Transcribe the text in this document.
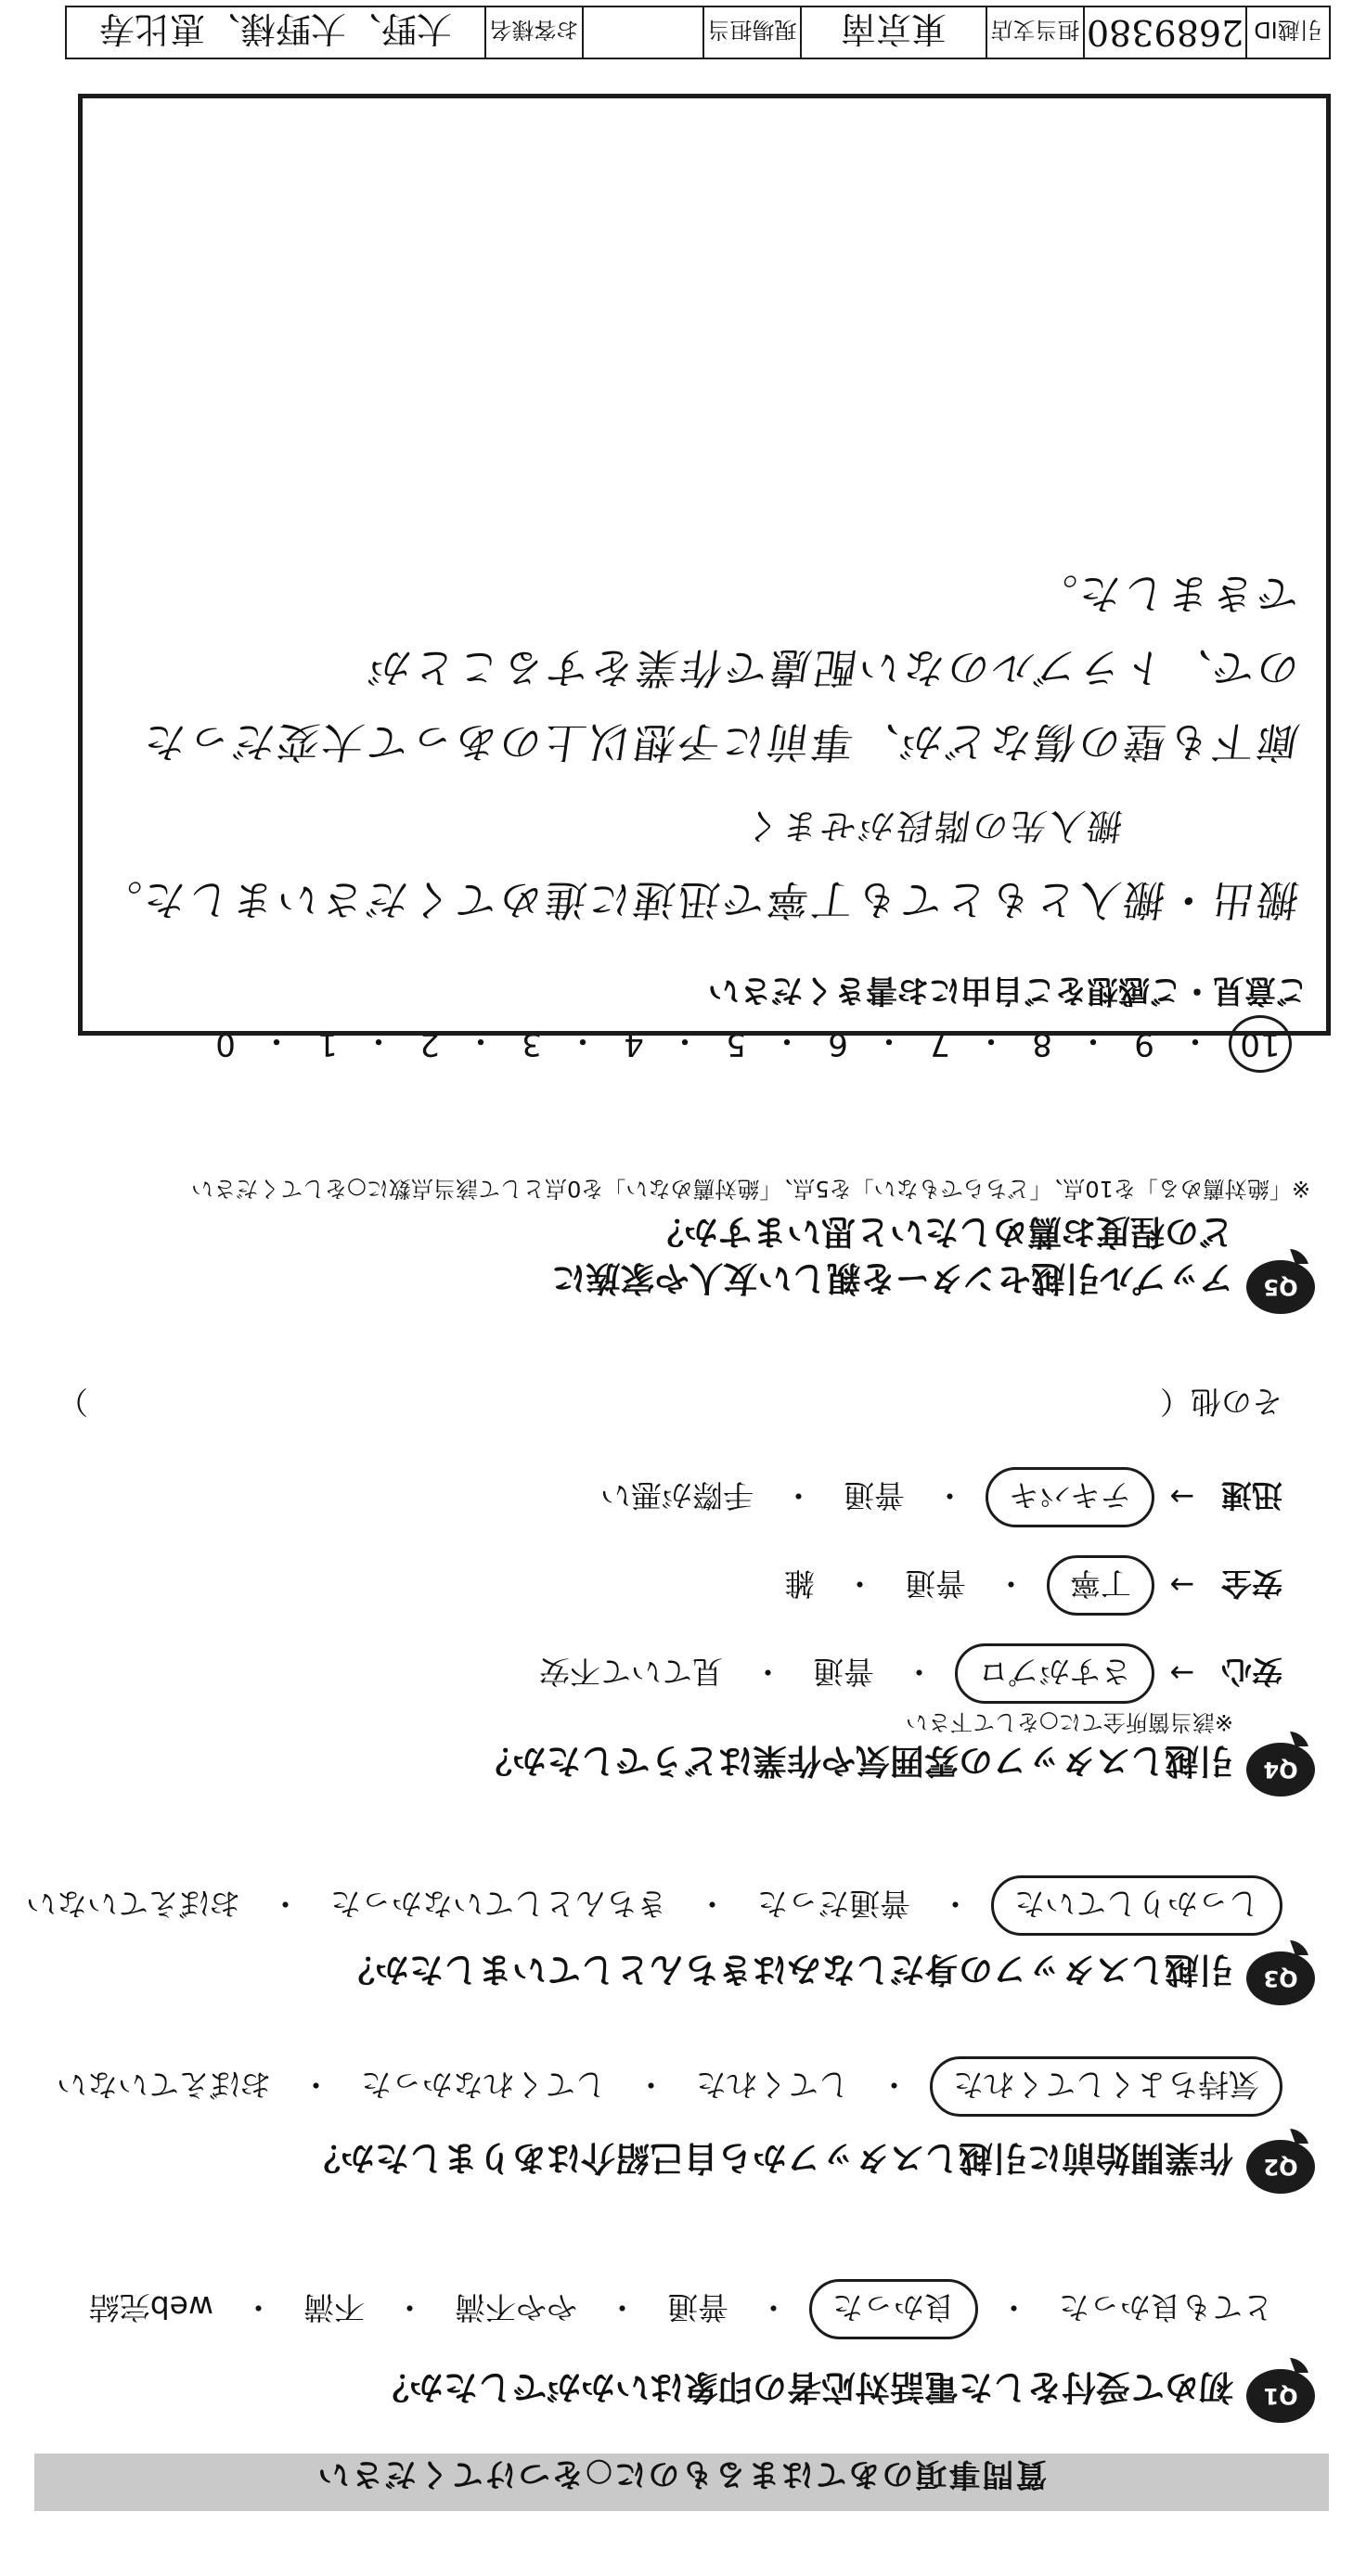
質問事項のあてはまるものに○をつけてください
Q1
初めて受付をした電話対応者の印象はいかがでしたか？
とても良かった
・
良かった
・
普通
・
やや不満
・
不満
・
web完結
Q2
作業開始前に引越しスタッフから自己紹介はありましたか？
気持ちよくしてくれた
・
してくれた
・
してくれなかった
・
おぼえていない
Q3
引越しスタッフの身だしなみはきちんとしていましたか？
しっかりしていた
・
普通だった
・
きちんとしていなかった
・
おぼえていない
Q4
引越しスタッフの雰囲気や作業はどうでしたか？
※該当箇所全てに○をして下さい
安心
→
さすがプロ
・
普通
・
見ていて不安
安全
→
丁寧
・
普通
・
雑
迅速
→
テキパキ
・
普通
・
手際が悪い
その他（
）
Q5
アップル引越センターを親しい友人や家族に
どの程度お薦めしたいと思いますか？
※「絶対薦める」を10点、「どちらでもない」を5点、「絶対薦めない」を0点として該当点数に○をしてください
10
・
9
・
8
・
7
・
6
・
5
・
4
・
3
・
2
・
1
・
0
ご意見・ご感想をご自由にお書きください
搬出・搬入ともとても丁寧で迅速に進めてくださいました。
搬入先の階段がせまく
廊下も壁の傷などが、事前に予想以上のあって大変だった
ので、トラブルのない配慮で作業をすることが
できました。
引越ID
2689380
担当支店
東京南
現場担当
お客様名
大野、大野様、恵比寿
